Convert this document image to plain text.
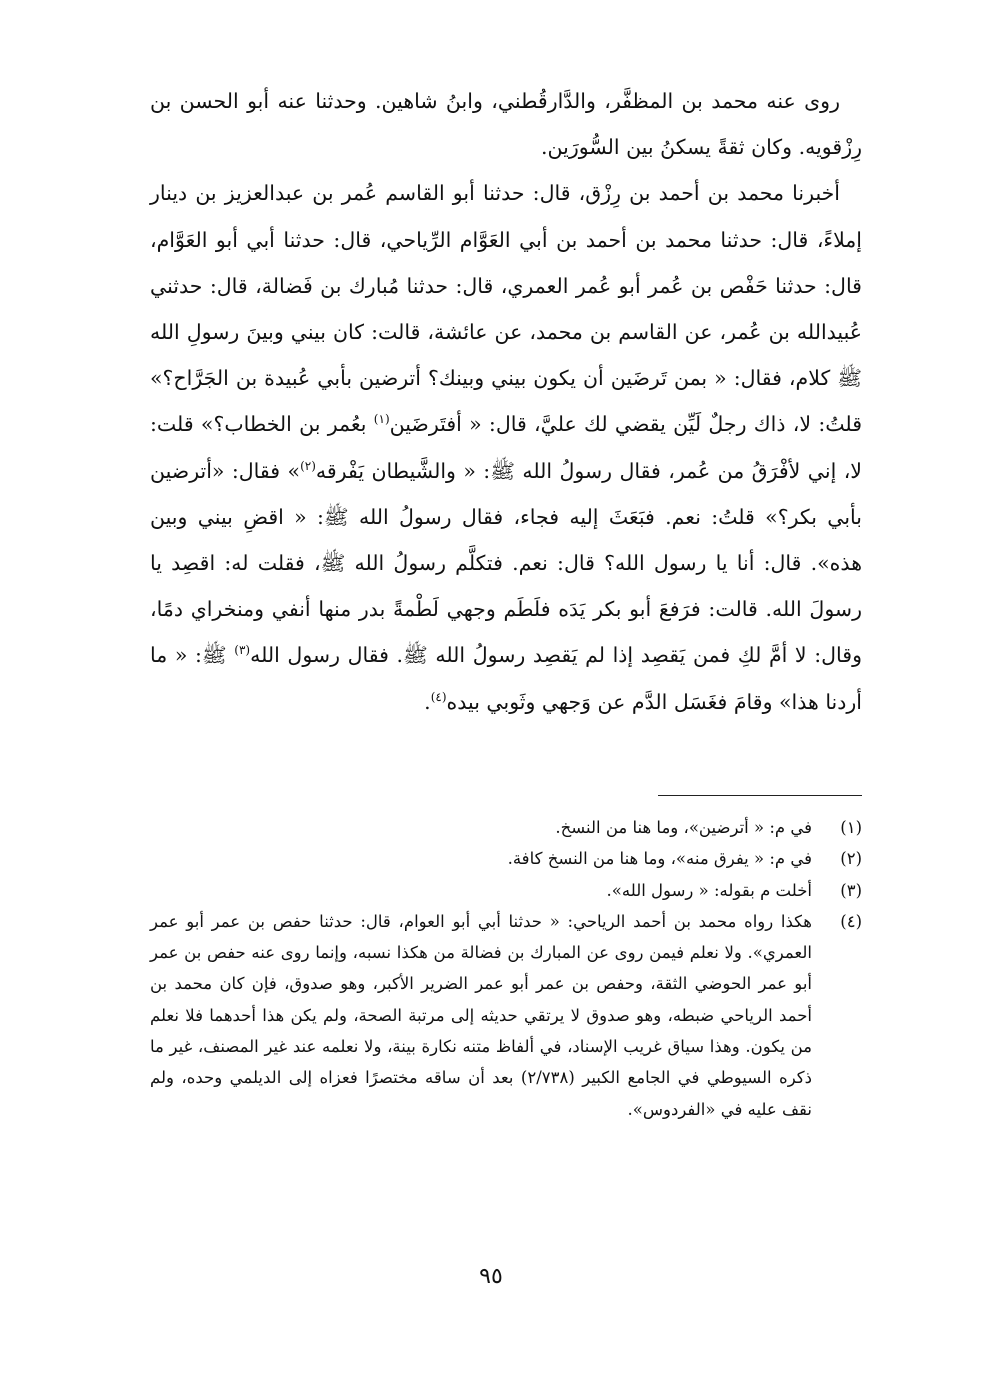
روى عنه محمد بن المظفَّر، والدَّارقُطني، وابنُ شاهين. وحدثنا عنه أبو الحسن بن رِزْقويه. وكان ثقةً يسكنُ بين السُّورَين.

أخبرنا محمد بن أحمد بن رِزْق، قال: حدثنا أبو القاسم عُمر بن عبدالعزيز بن دينار إملاءً، قال: حدثنا محمد بن أحمد بن أبي العَوَّام الرِّياحي، قال: حدثنا أبي أبو العَوَّام، قال: حدثنا حَفْص بن عُمر أبو عُمر العمري، قال: حدثنا مُبارك بن فَضالة، قال: حدثني عُبيدالله بن عُمر، عن القاسم بن محمد، عن عائشة، قالت: كان بيني وبينَ رسولِ الله ﷺ كلام، فقال: « بمن تَرضَين أن يكون بيني وبينك؟ أترضين بأبي عُبيدة بن الجَرَّاح؟» قلتُ: لا، ذاك رجلٌ لَيِّن يقضي لك عليَّ، قال: « أفتَرضَين$^{(١)}$ بعُمر بن الخطاب؟» قلت: لا، إني لأفْرَقُ من عُمر، فقال رسولُ الله ﷺ: « والشَّيطان يَفْرقه$^{(٢)}$» فقال: «أترضين بأبي بكر؟» قلتُ: نعم. فبَعَثَ إليه فجاء، فقال رسولُ الله ﷺ: « اقضِ بيني وبين هذه». قال: أنا يا رسول الله؟ قال: نعم. فتكلَّم رسولُ الله ﷺ، فقلت له: اقصِد يا رسولَ الله. قالت: فرَفعَ أبو بكر يَدَه فلَطَم وجهي لَطْمةً بدر منها أنفي ومنخراي دمًا، وقال: لا أمَّ لكِ فمن يَقصِد إذا لم يَقصِد رسولُ الله ﷺ. فقال رسول الله$^{(٣)}$ ﷺ: « ما أردنا هذا» وقامَ فغَسَل الدَّم عن وَجهي وثَوبي بيده$^{(٤)}$.

(١)
في م: « أترضين»، وما هنا من النسخ.
(٢)
في م: « يفرق منه»، وما هنا من النسخ كافة.
(٣)
أخلت م بقوله: « رسول الله».
(٤)
هكذا رواه محمد بن أحمد الرياحي: « حدثنا أبي أبو العوام، قال: حدثنا حفص بن عمر أبو عمر العمري». ولا نعلم فيمن روى عن المبارك بن فضالة من هكذا نسبه، وإنما روى عنه حفص بن عمر أبو عمر الحوضي الثقة، وحفص بن عمر أبو عمر الضرير الأكبر، وهو صدوق، فإن كان محمد بن أحمد الرياحي ضبطه، وهو صدوق لا يرتقي حديثه إلى مرتبة الصحة، ولم يكن هذا أحدهما فلا نعلم من يكون. وهذا سياق غريب الإسناد، في ألفاظ متنه نكارة بينة، ولا نعلمه عند غير المصنف، غير ما ذكره السيوطي في الجامع الكبير (٢/٧٣٨) بعد أن ساقه مختصرًا فعزاه إلى الديلمي وحده، ولم نقف عليه في «الفردوس».
٩٥
